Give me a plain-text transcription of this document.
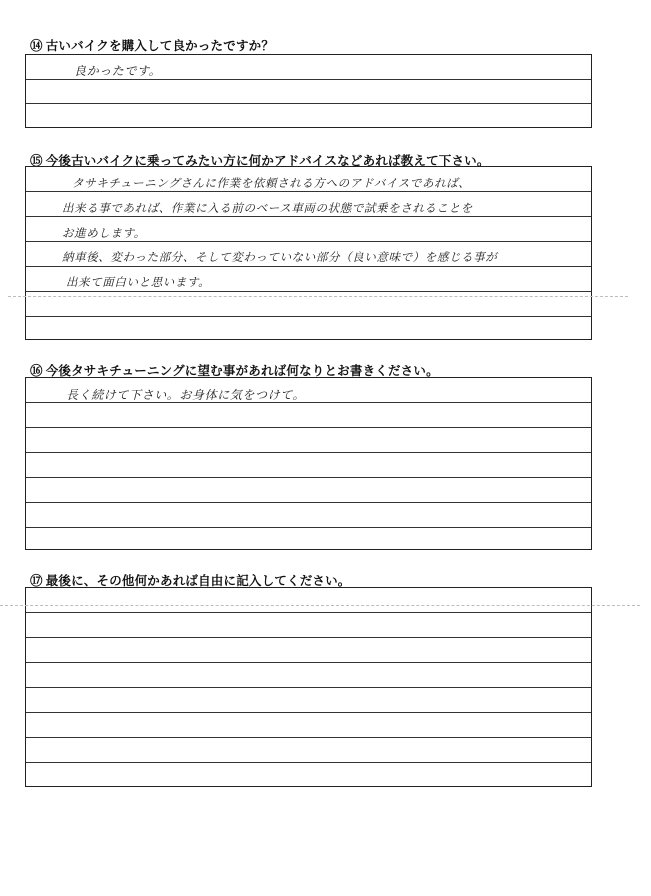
⑭ 古いバイクを購入して良かったですか？

良かったです。

⑮ 今後古いバイクに乗ってみたい方に何かアドバイスなどあれば教えて下さい。

タサキチューニングさんに作業を依頼される方へのアドバイスであれば、

出来る事であれば、作業に入る前のベース車両の状態で試乗をされることを

お進めします。

納車後、変わった部分、そして変わっていない部分（良い意味で）を感じる事が

出来て面白いと思います。

⑯ 今後タサキチューニングに望む事があれば何なりとお書きください。

長く続けて下さい。お身体に気をつけて。

⑰ 最後に、その他何かあれば自由に記入してください。
